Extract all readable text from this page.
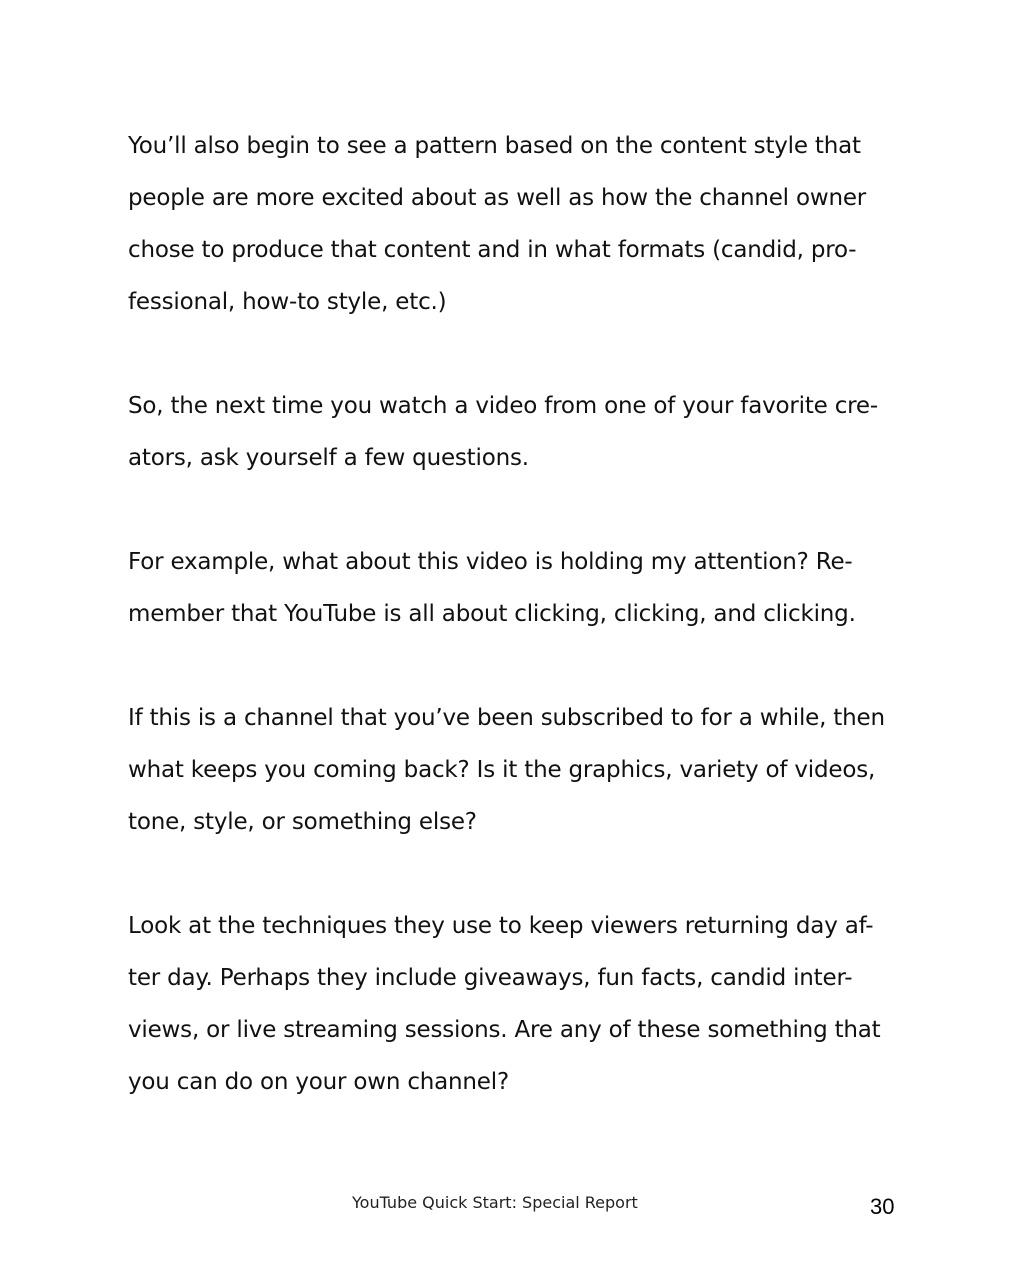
You’ll also begin to see a pattern based on the content style that
people are more excited about as well as how the channel owner
chose to produce that content and in what formats (candid, pro-
fessional, how-to style, etc.)
So, the next time you watch a video from one of your favorite cre-
ators, ask yourself a few questions.
For example, what about this video is holding my attention? Re-
member that YouTube is all about clicking, clicking, and clicking.
If this is a channel that you’ve been subscribed to for a while, then
what keeps you coming back? Is it the graphics, variety of videos,
tone, style, or something else?
Look at the techniques they use to keep viewers returning day af-
ter day. Perhaps they include giveaways, fun facts, candid inter-
views, or live streaming sessions. Are any of these something that
you can do on your own channel?
YouTube Quick Start: Special Report	30
